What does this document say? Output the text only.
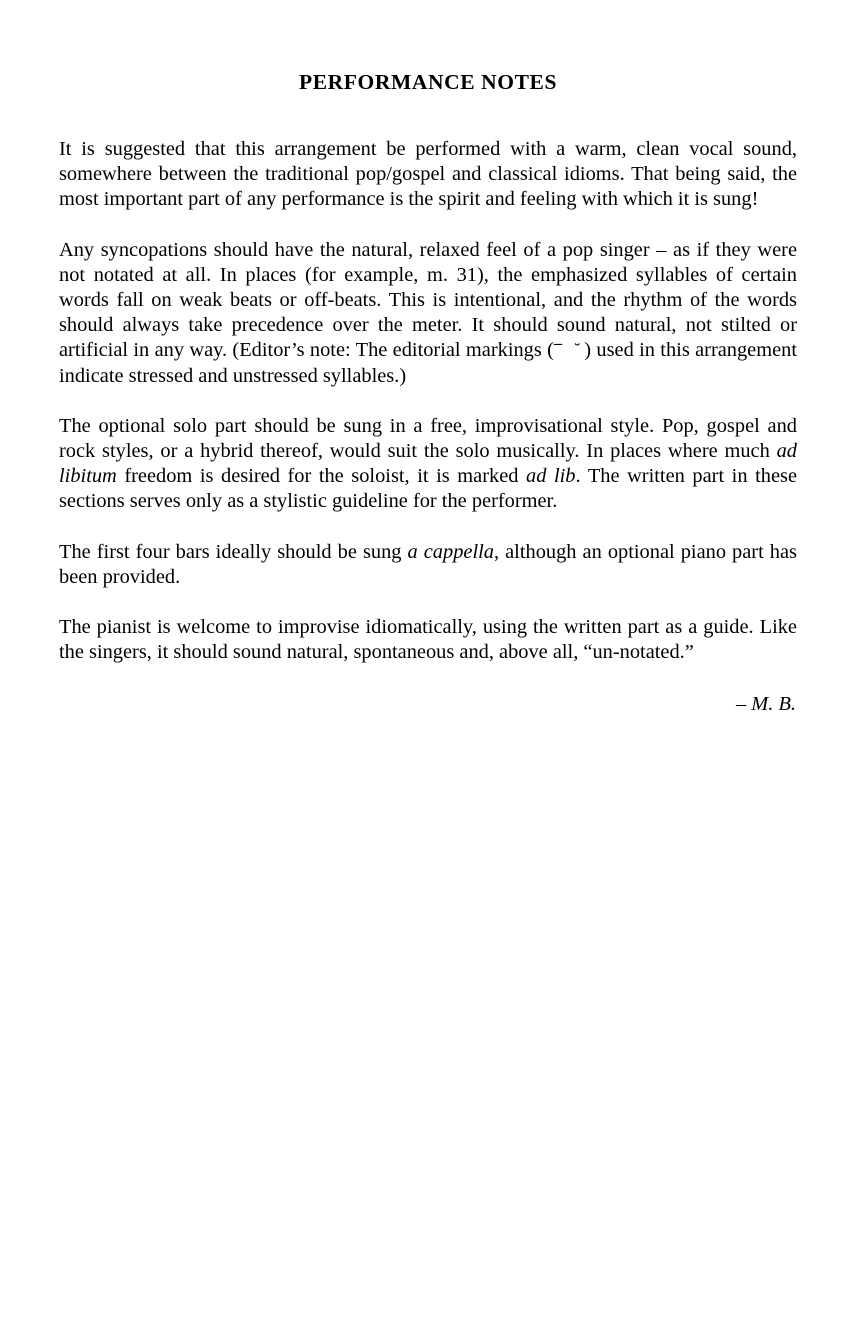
PERFORMANCE NOTES

It is suggested that this arrangement be performed with a warm, clean vocal sound, somewhere between the traditional pop/gospel and classical idioms. That being said, the most important part of any performance is the spirit and feeling with which it is sung!

Any syncopations should have the natural, relaxed feel of a pop singer – as if they were not notated at all. In places (for example, m. 31), the emphasized syllables of certain words fall on weak beats or off-beats. This is intentional, and the rhythm of the words should always take precedence over the meter. It should sound natural, not stilted or artificial in any way. (Editor’s note: The editorial markings (‾ ˘) used in this arrangement indicate stressed and unstressed syllables.)

The optional solo part should be sung in a free, improvisational style. Pop, gospel and rock styles, or a hybrid thereof, would suit the solo musically. In places where much ad libitum freedom is desired for the soloist, it is marked ad lib. The written part in these sections serves only as a stylistic guideline for the performer.

The first four bars ideally should be sung a cappella, although an optional piano part has been provided.

The pianist is welcome to improvise idiomatically, using the written part as a guide. Like the singers, it should sound natural, spontaneous and, above all, “un-notated.”

– M. B.
